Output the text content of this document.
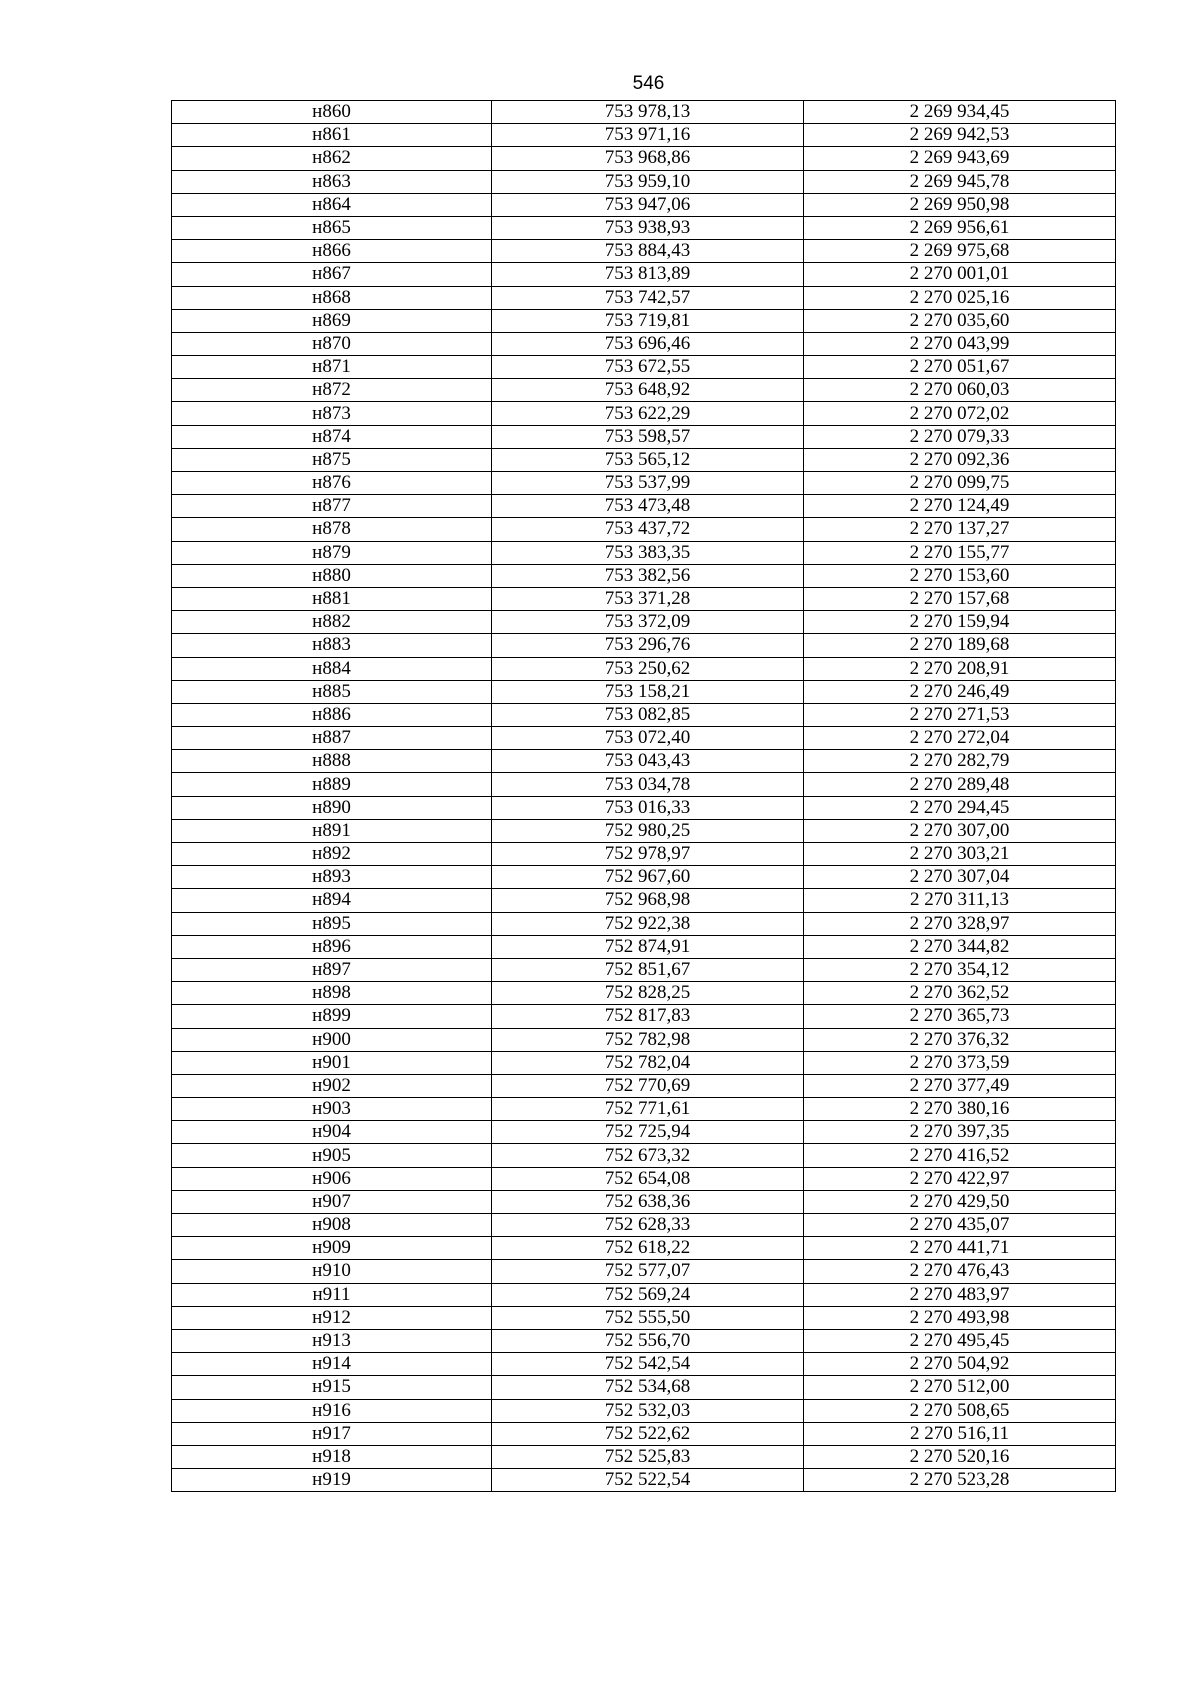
546
н860	753 978,13	2 269 934,45
н861	753 971,16	2 269 942,53
н862	753 968,86	2 269 943,69
н863	753 959,10	2 269 945,78
н864	753 947,06	2 269 950,98
н865	753 938,93	2 269 956,61
н866	753 884,43	2 269 975,68
н867	753 813,89	2 270 001,01
н868	753 742,57	2 270 025,16
н869	753 719,81	2 270 035,60
н870	753 696,46	2 270 043,99
н871	753 672,55	2 270 051,67
н872	753 648,92	2 270 060,03
н873	753 622,29	2 270 072,02
н874	753 598,57	2 270 079,33
н875	753 565,12	2 270 092,36
н876	753 537,99	2 270 099,75
н877	753 473,48	2 270 124,49
н878	753 437,72	2 270 137,27
н879	753 383,35	2 270 155,77
н880	753 382,56	2 270 153,60
н881	753 371,28	2 270 157,68
н882	753 372,09	2 270 159,94
н883	753 296,76	2 270 189,68
н884	753 250,62	2 270 208,91
н885	753 158,21	2 270 246,49
н886	753 082,85	2 270 271,53
н887	753 072,40	2 270 272,04
н888	753 043,43	2 270 282,79
н889	753 034,78	2 270 289,48
н890	753 016,33	2 270 294,45
н891	752 980,25	2 270 307,00
н892	752 978,97	2 270 303,21
н893	752 967,60	2 270 307,04
н894	752 968,98	2 270 311,13
н895	752 922,38	2 270 328,97
н896	752 874,91	2 270 344,82
н897	752 851,67	2 270 354,12
н898	752 828,25	2 270 362,52
н899	752 817,83	2 270 365,73
н900	752 782,98	2 270 376,32
н901	752 782,04	2 270 373,59
н902	752 770,69	2 270 377,49
н903	752 771,61	2 270 380,16
н904	752 725,94	2 270 397,35
н905	752 673,32	2 270 416,52
н906	752 654,08	2 270 422,97
н907	752 638,36	2 270 429,50
н908	752 628,33	2 270 435,07
н909	752 618,22	2 270 441,71
н910	752 577,07	2 270 476,43
н911	752 569,24	2 270 483,97
н912	752 555,50	2 270 493,98
н913	752 556,70	2 270 495,45
н914	752 542,54	2 270 504,92
н915	752 534,68	2 270 512,00
н916	752 532,03	2 270 508,65
н917	752 522,62	2 270 516,11
н918	752 525,83	2 270 520,16
н919	752 522,54	2 270 523,28
